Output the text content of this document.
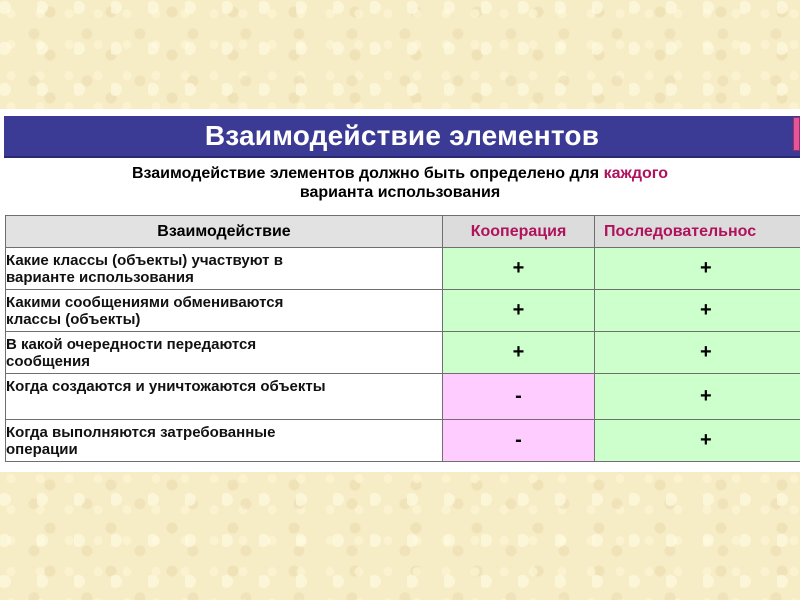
Взаимодействие элементов
Взаимодействие элементов должно быть определено для каждого
варианта использования
Взаимодействие	Кооперация	Последовательнос

Какие классы (объекты) участвуют в
варианте использования	+	+

Какими сообщениями обмениваются
классы (объекты)	+	+

В какой очередности передаются
сообщения	+	+

Когда создаются и уничтожаются объекты	-	+

Когда выполняются затребованные
операции	-	+
